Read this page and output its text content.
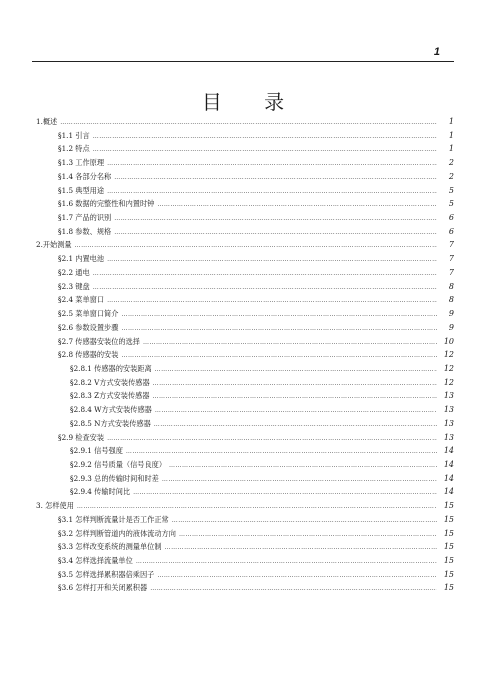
1
目 录
1.概述 …………………………………………………………………………………………………………………………………………………………	1
§1.1 引言 …………………………………………………………………………………………………………………………………………………………	1
§1.2 特点 …………………………………………………………………………………………………………………………………………………………	1
§1.3 工作原理 …………………………………………………………………………………………………………………………………………………………	2
§1.4 各部分名称 …………………………………………………………………………………………………………………………………………………………	2
§1.5 典型用途 …………………………………………………………………………………………………………………………………………………………	5
§1.6 数据的完整性和内置时钟 …………………………………………………………………………………………………………………………………………………………	5
§1.7 产品的识别 …………………………………………………………………………………………………………………………………………………………	6
§1.8 参数、规格 …………………………………………………………………………………………………………………………………………………………	6
2.开始测量 …………………………………………………………………………………………………………………………………………………………	7
§2.1 内置电池 …………………………………………………………………………………………………………………………………………………………	7
§2.2 通电 …………………………………………………………………………………………………………………………………………………………	7
§2.3 键盘 …………………………………………………………………………………………………………………………………………………………	8
§2.4 菜单窗口 …………………………………………………………………………………………………………………………………………………………	8
§2.5 菜单窗口简介 …………………………………………………………………………………………………………………………………………………………	9
§2.6 参数设置步骤 …………………………………………………………………………………………………………………………………………………………	9
§2.7 传感器安装位的选择 …………………………………………………………………………………………………………………………………………………………	10
§2.8 传感器的安装 …………………………………………………………………………………………………………………………………………………………	12
§2.8.1 传感器的安装距离 …………………………………………………………………………………………………………………………………………………………	12
§2.8.2 V方式安装传感器 …………………………………………………………………………………………………………………………………………………………	12
§2.8.3 Z方式安装传感器 …………………………………………………………………………………………………………………………………………………………	13
§2.8.4 W方式安装传感器 …………………………………………………………………………………………………………………………………………………………	13
§2.8.5 N方式安装传感器 …………………………………………………………………………………………………………………………………………………………	13
§2.9 检查安装 …………………………………………………………………………………………………………………………………………………………	13
§2.9.1 信号强度 …………………………………………………………………………………………………………………………………………………………	14
§2.9.2 信号质量（信号良度） …………………………………………………………………………………………………………………………………………………………	14
§2.9.3 总的传输时间和时差 …………………………………………………………………………………………………………………………………………………………	14
§2.9.4 传输时间比 …………………………………………………………………………………………………………………………………………………………	14
3. 怎样使用 …………………………………………………………………………………………………………………………………………………………	15
§3.1 怎样判断流量计是否工作正常 …………………………………………………………………………………………………………………………………………………………	15
§3.2 怎样判断管道内的液体流动方向 …………………………………………………………………………………………………………………………………………………………	15
§3.3 怎样改变系统的测量单位制 …………………………………………………………………………………………………………………………………………………………	15
§3.4 怎样选择流量单位 …………………………………………………………………………………………………………………………………………………………	15
§3.5 怎样选择累积器倍乘因子 …………………………………………………………………………………………………………………………………………………………	15
§3.6 怎样打开和关闭累积器 …………………………………………………………………………………………………………………………………………………………	15
